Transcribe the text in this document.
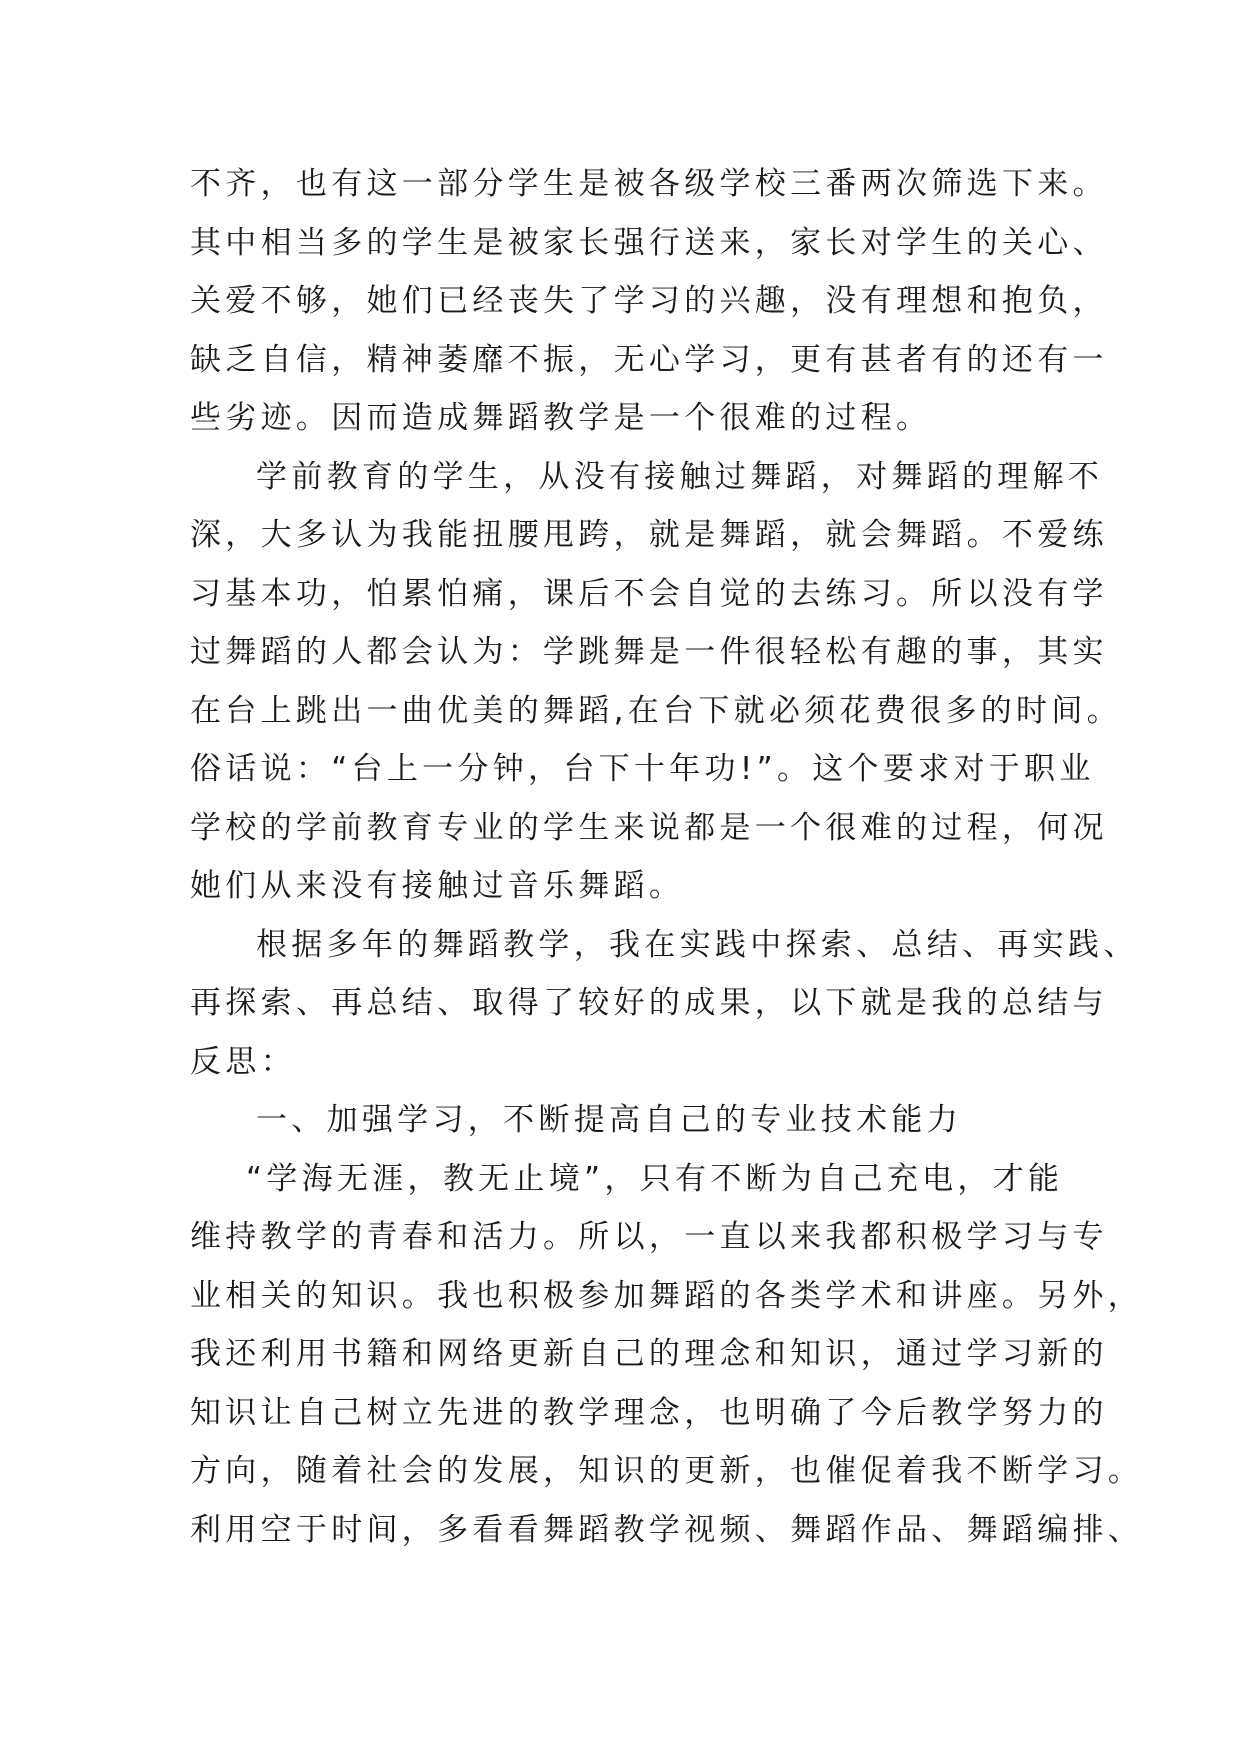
不齐，也有这一部分学生是被各级学校三番两次筛选下来。
其中相当多的学生是被家长强行送来，家长对学生的关心、
关爱不够，她们已经丧失了学习的兴趣，没有理想和抱负，
缺乏自信，精神萎靡不振，无心学习，更有甚者有的还有一
些劣迹。因而造成舞蹈教学是一个很难的过程。
学前教育的学生，从没有接触过舞蹈，对舞蹈的理解不
深，大多认为我能扭腰甩跨，就是舞蹈，就会舞蹈。不爱练
习基本功，怕累怕痛，课后不会自觉的去练习。所以没有学
过舞蹈的人都会认为：学跳舞是一件很轻松有趣的事，其实
在台上跳出一曲优美的舞蹈,在台下就必须花费很多的时间。
俗话说：“台上一分钟，台下十年功!”。这个要求对于职业
学校的学前教育专业的学生来说都是一个很难的过程，何况
她们从来没有接触过音乐舞蹈。
根据多年的舞蹈教学，我在实践中探索、总结、再实践、
再探索、再总结、取得了较好的成果，以下就是我的总结与
反思：
一、加强学习，不断提高自己的专业技术能力
“学海无涯，教无止境”，只有不断为自己充电，才能
维持教学的青春和活力。所以，一直以来我都积极学习与专
业相关的知识。我也积极参加舞蹈的各类学术和讲座。另外，
我还利用书籍和网络更新自己的理念和知识，通过学习新的
知识让自己树立先进的教学理念，也明确了今后教学努力的
方向，随着社会的发展，知识的更新，也催促着我不断学习。
利用空于时间，多看看舞蹈教学视频、舞蹈作品、舞蹈编排、
